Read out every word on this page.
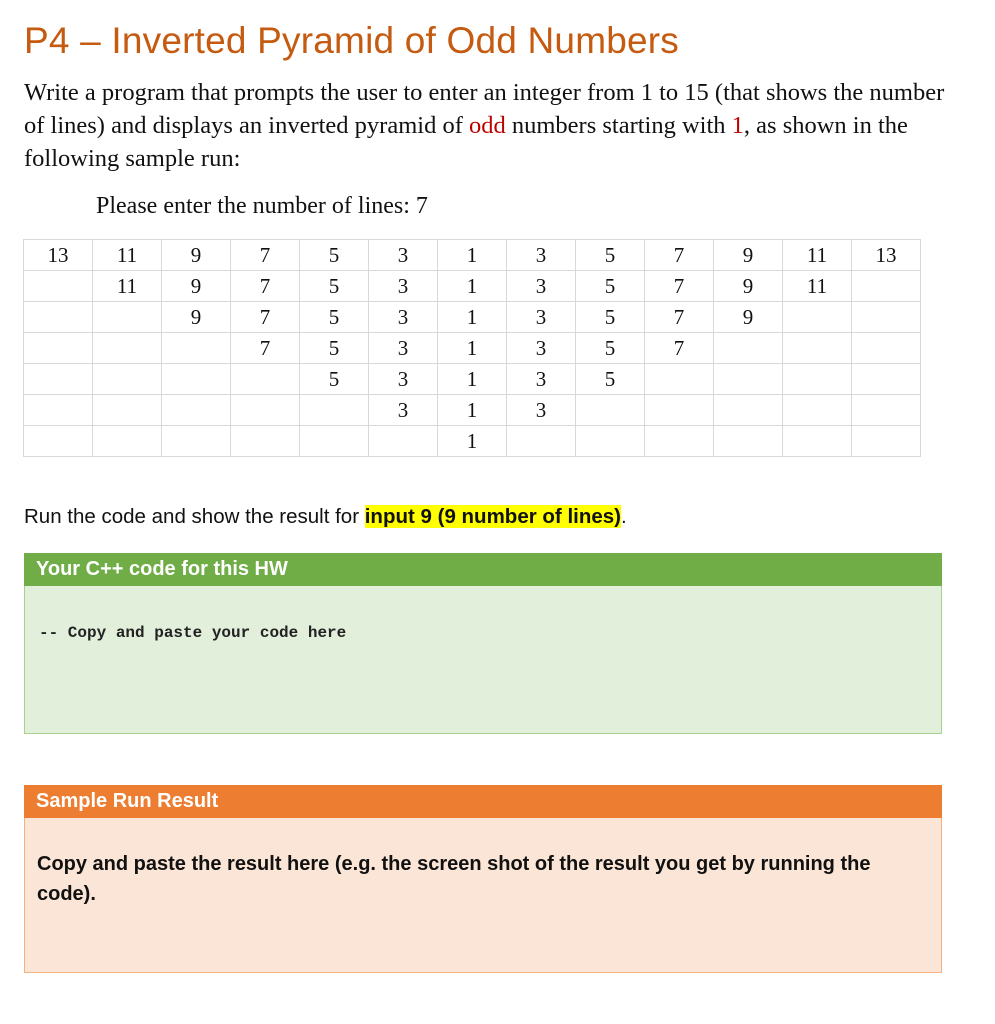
P4 – Inverted Pyramid of Odd Numbers
Write a program that prompts the user to enter an integer from 1 to 15 (that shows the number of lines) and displays an inverted pyramid of odd numbers starting with 1, as shown in the following sample run:
Please enter the number of lines: 7
13	11	9	7	5	3	1	3	5	7	9	11	13
	11	9	7	5	3	1	3	5	7	9	11	
		9	7	5	3	1	3	5	7	9		
			7	5	3	1	3	5	7			
				5	3	1	3	5				
					3	1	3					
						1						
Run the code and show the result for input 9 (9 number of lines).
Your C++ code for this HW
-- Copy and paste your code here
Sample Run Result
Copy and paste the result here (e.g. the screen shot of the result you get by running the code).
